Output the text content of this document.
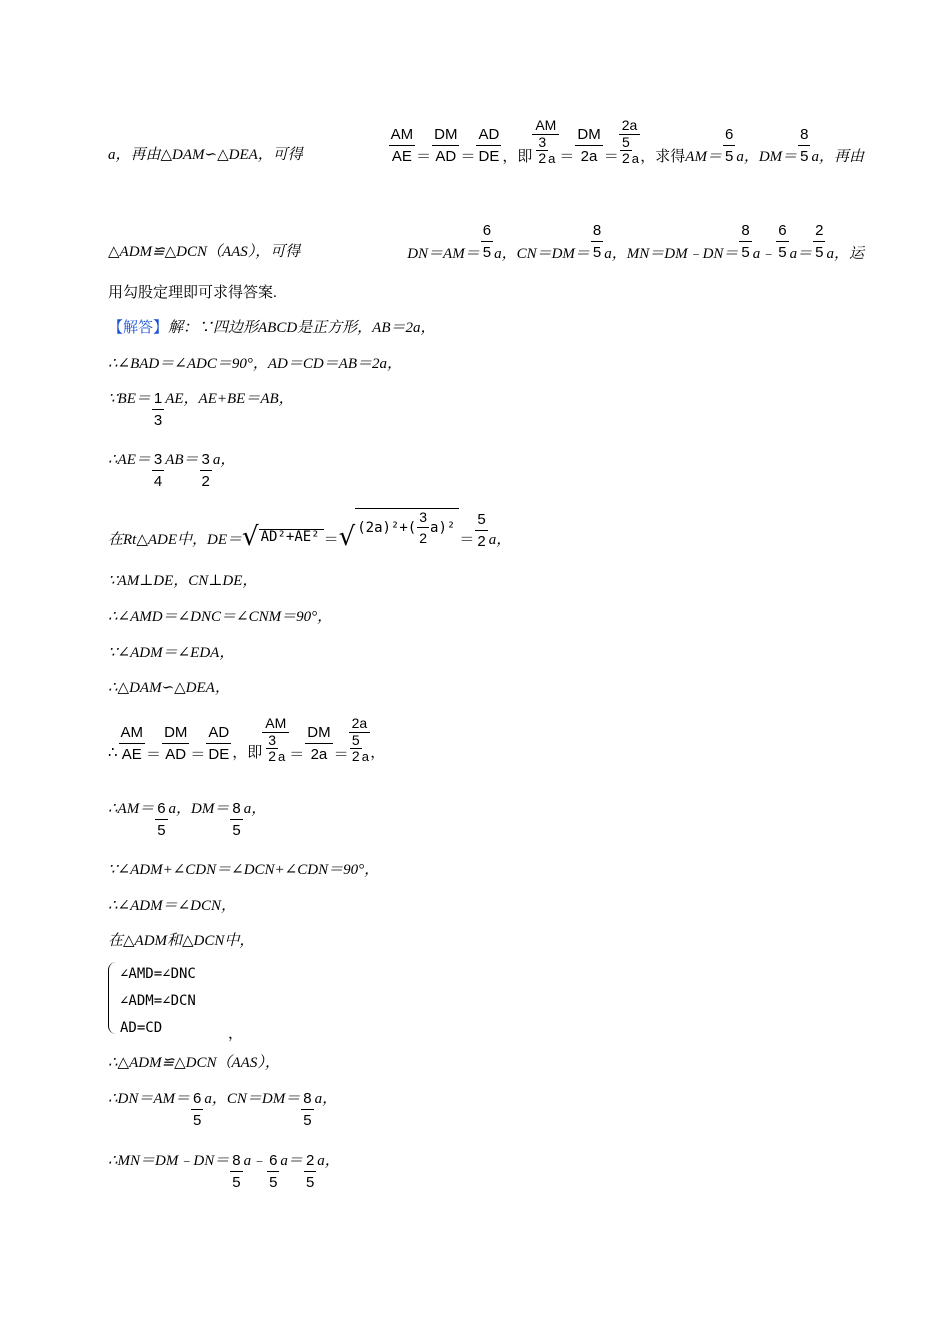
a，再由△DAM∽△DEA，可得	$\frac{AM}{AE} = \frac{DM}{AD} = \frac{AD}{DE}$ ，即
AM
3
2 $a = \frac{DM}{2a}$ ＝
2a
5
2 a ，求得 $AM= \frac{6}{5}$ a，$DM= \frac{8}{5}$ a，再由
△ADM≌△DCN（AAS），可得	$DN=AM= \frac{6}{5}$ a，$CN=DM= \frac{8}{5}$ a，MN＝DM﹣DN＝ $\frac{8}{5}$ a﹣ $\frac{6}{5} a= \frac{2}{5}$ a，运
用勾股定理即可求得答案.
【解答】解：∵四边形ABCD是正方形，AB＝2a，
∴∠BAD＝∠ADC＝90°，AD＝CD＝AB＝2a，
∵BE＝ $\frac{1}{3}$ AE，AE+BE＝AB，
∴AE＝ $\frac{3}{4} AB= \frac{3}{2}$ a，
在Rt△ADE中，DE＝ √ AD²+AE² ＝ √ $(2a)^2+( \frac{3}{2} a)^2$
＝ $\frac{5}{2}$ a，
∵AM⊥DE，CN⊥DE，
∴∠AMD＝∠DNC＝∠CNM＝90°，
∵∠ADM＝∠EDA，
∴△DAM∽△DEA，
∴ $\frac{AM}{AE} = \frac{DM}{AD} = \frac{AD}{DE}$ ，即
AM
3
2 $a = \frac{DM}{2a}$ ＝
2a
5
2 a ，
∴AM＝ $\frac{6}{5}$ a，$DM= \frac{8}{5}$ a，
∵∠ADM+∠CDN＝∠DCN+∠CDN＝90°，
∴∠ADM＝∠DCN，
在△ADM和△DCN中，
∠AMD=∠DNC
∠ADM=∠DCN
AD=CD	，
∴△ADM≌△DCN（AAS），
∴DN＝AM＝ $\frac{6}{5}$ a，$CN=DM= \frac{8}{5}$ a，
∴MN＝DM﹣DN＝ $\frac{8}{5}$ a﹣ $\frac{6}{5} a= \frac{2}{5}$ a，
